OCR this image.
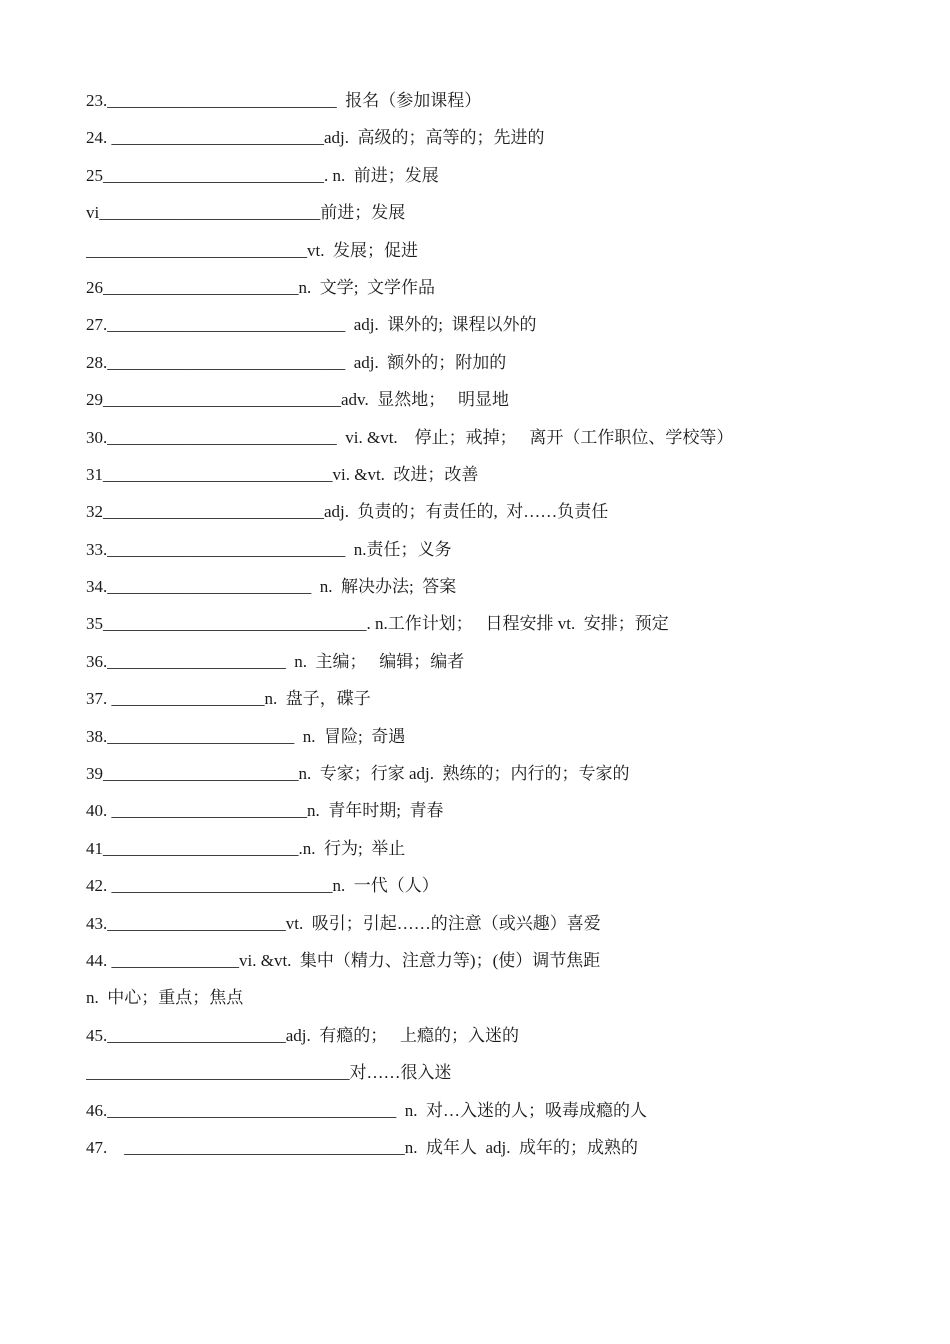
23.___________________________  报名（参加课程）
24. _________________________adj.  高级的；高等的；先进的
25__________________________. n.  前进；发展
vi__________________________前进；发展
__________________________vt.  发展；促进
26_______________________n.  文学;  文学作品
27.____________________________  adj.  课外的;  课程以外的
28.____________________________  adj.  额外的；附加的
29____________________________adv.  显然地；   明显地
30.___________________________  vi. &vt.    停止；戒掉；   离开（工作职位、学校等）
31___________________________vi. &vt.  改进；改善
32__________________________adj.  负责的；有责任的,  对……负责任
33.____________________________  n.责任；义务
34.________________________  n.  解决办法;  答案
35_______________________________. n.工作计划；   日程安排 vt.  安排；预定
36._____________________  n.  主编；   编辑；编者
37. __________________n.  盘子，碟子
38.______________________  n.  冒险;  奇遇
39_______________________n.  专家；行家 adj.  熟练的；内行的；专家的
40. _______________________n.  青年时期;  青春
41_______________________.n.  行为;  举止
42. __________________________n.  一代（人）
43._____________________vt.  吸引；引起……的注意（或兴趣）喜爱
44. _______________vi. &vt.  集中（精力、注意力等)；(使）调节焦距
n.  中心；重点；焦点
45._____________________adj.  有瘾的；   上瘾的；入迷的
_______________________________对……很入迷
46.__________________________________  n.  对…入迷的人；吸毒成瘾的人
47.    _________________________________n.  成年人  adj.  成年的；成熟的
